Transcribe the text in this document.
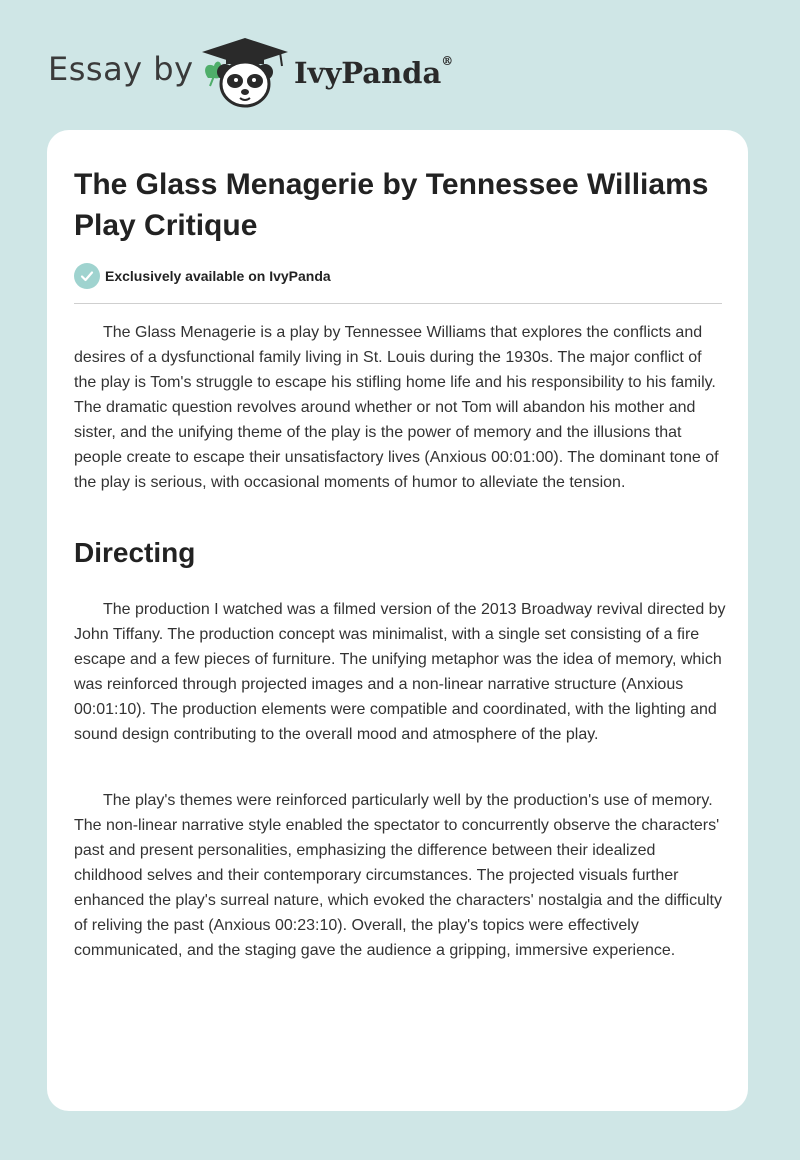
Essay by	IvyPanda®
The Glass Menagerie by Tennessee Williams Play Critique
Exclusively available on IvyPanda

The Glass Menagerie is a play by Tennessee Williams that explores the conflicts and desires of a dysfunctional family living in St. Louis during the 1930s. The major conflict of the play is Tom's struggle to escape his stifling home life and his responsibility to his family. The dramatic question revolves around whether or not Tom will abandon his mother and sister, and the unifying theme of the play is the power of memory and the illusions that people create to escape their unsatisfactory lives (Anxious 00:01:00). The dominant tone of the play is serious, with occasional moments of humor to alleviate the tension.

Directing

The production I watched was a filmed version of the 2013 Broadway revival directed by John Tiffany. The production concept was minimalist, with a single set consisting of a fire escape and a few pieces of furniture. The unifying metaphor was the idea of memory, which was reinforced through projected images and a non-linear narrative structure (Anxious 00:01:10). The production elements were compatible and coordinated, with the lighting and sound design contributing to the overall mood and atmosphere of the play.

The play's themes were reinforced particularly well by the production's use of memory. The non-linear narrative style enabled the spectator to concurrently observe the characters' past and present personalities, emphasizing the difference between their idealized childhood selves and their contemporary circumstances. The projected visuals further enhanced the play's surreal nature, which evoked the characters' nostalgia and the difficulty of reliving the past (Anxious 00:23:10). Overall, the play's topics were effectively communicated, and the staging gave the audience a gripping, immersive experience.
